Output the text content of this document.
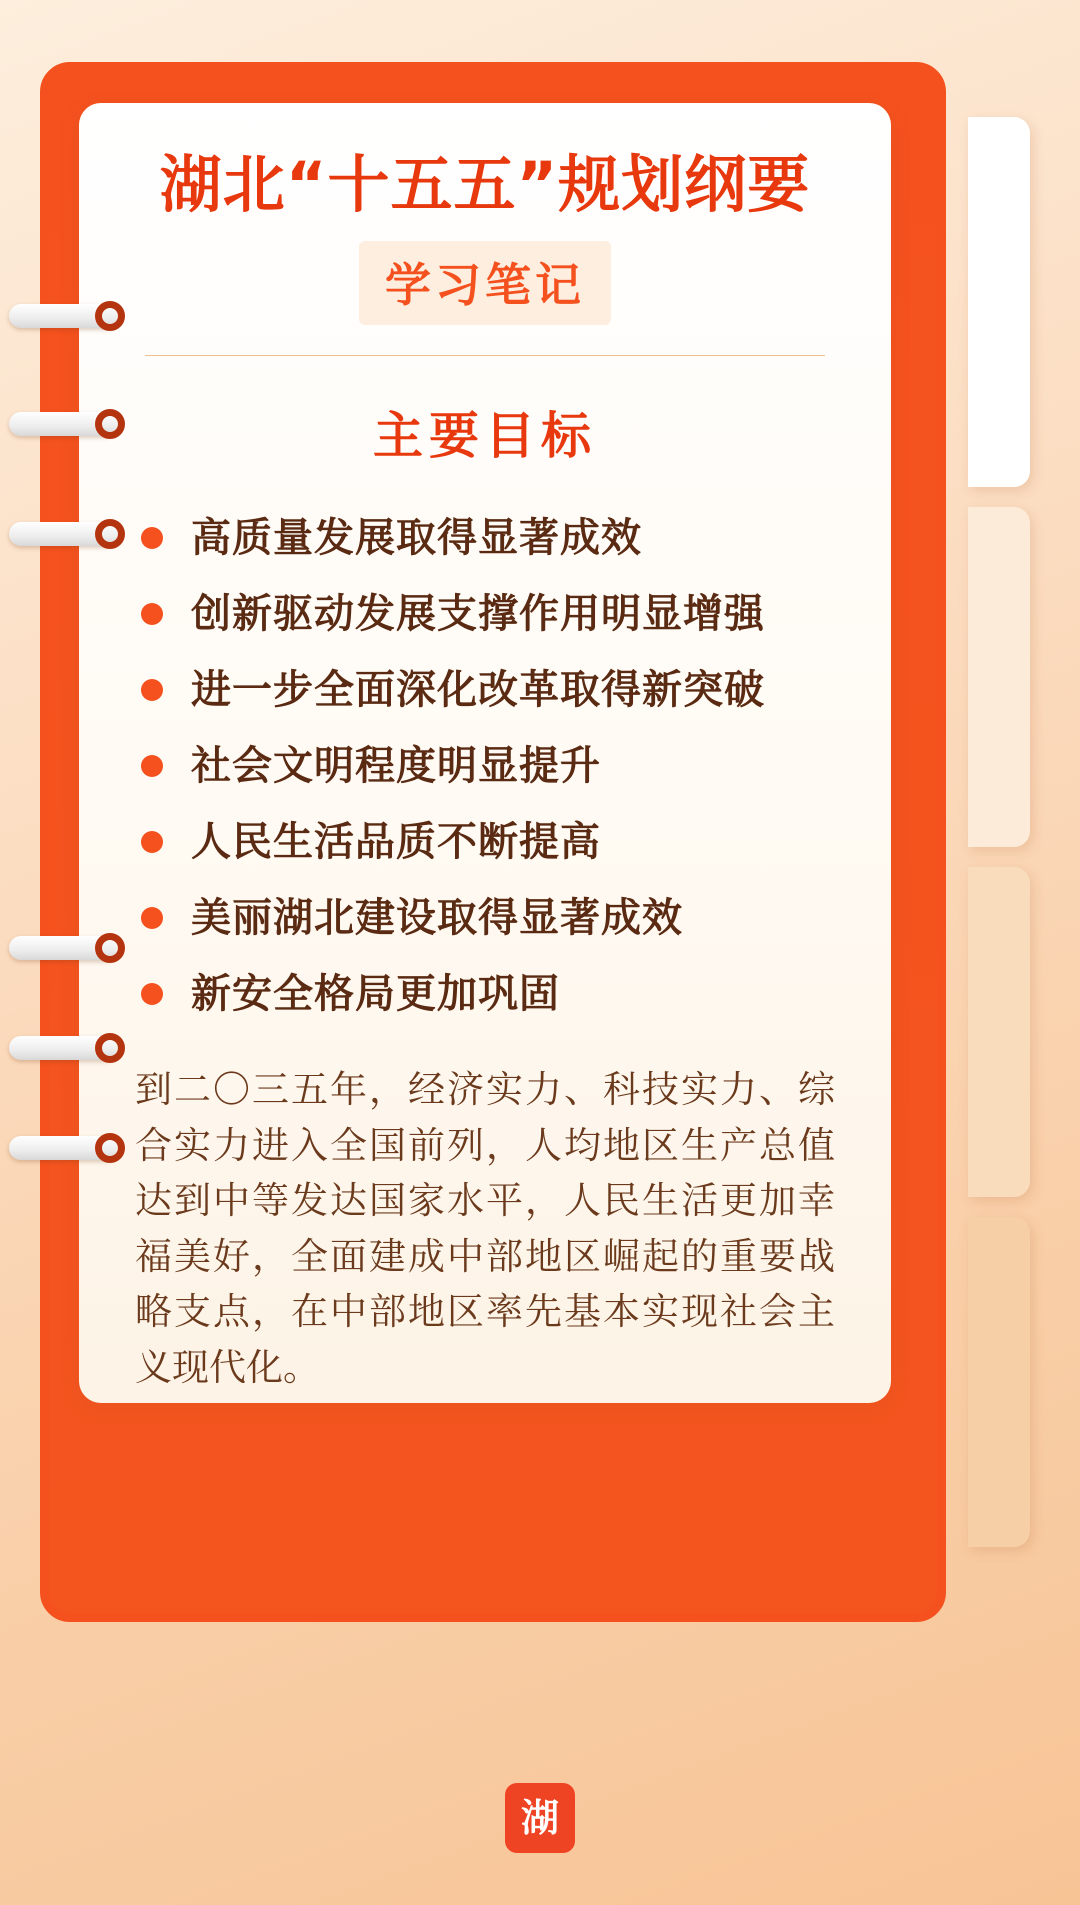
湖北“十五五”规划纲要
学习笔记
主要目标
高质量发展取得显著成效
创新驱动发展支撑作用明显增强
进一步全面深化改革取得新突破
社会文明程度明显提升
人民生活品质不断提高
美丽湖北建设取得显著成效
新安全格局更加巩固
到二〇三五年，经济实力、科技实力、综合实力进入全国前列，人均地区生产总值达到中等发达国家水平，人民生活更加幸福美好，全面建成中部地区崛起的重要战略支点，在中部地区率先基本实现社会主义现代化。
湖
